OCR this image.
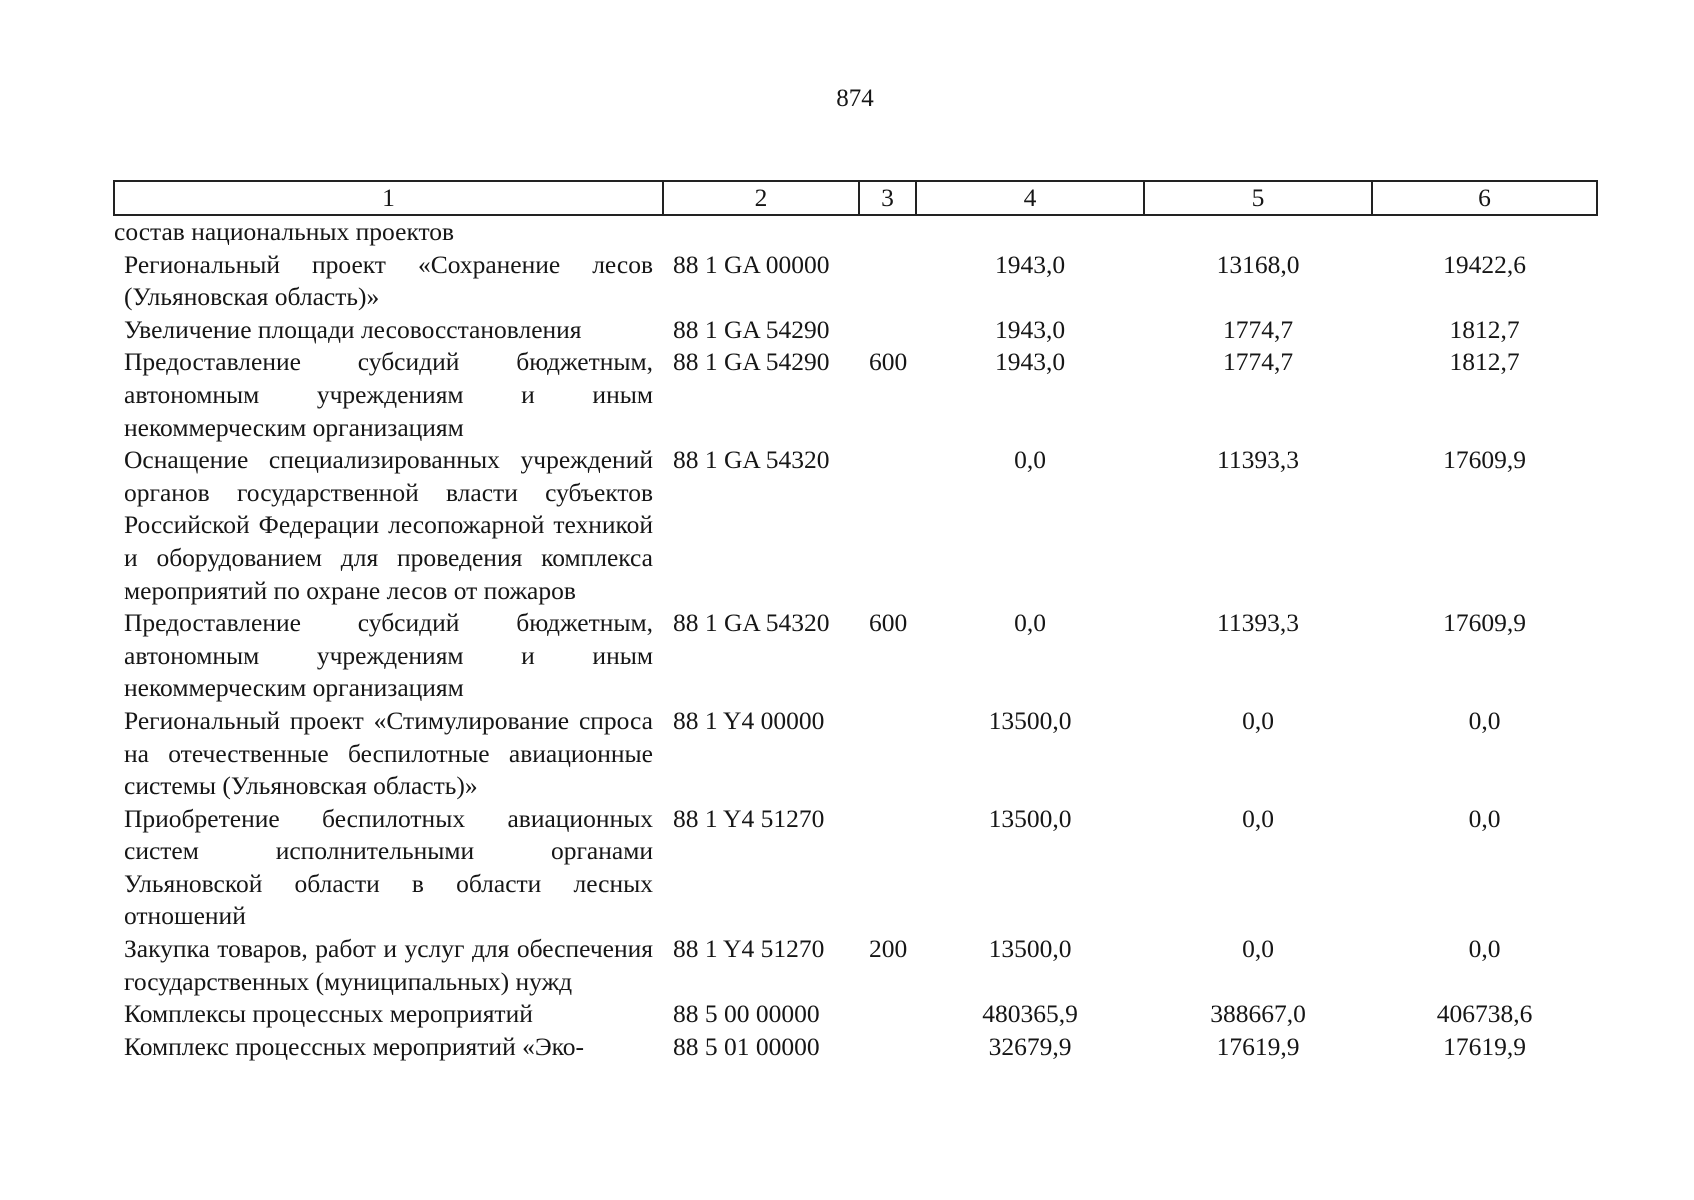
874
1	2	3	4	5	6
состав национальных проектов					
Региональный проект «Сохранение лесов (Ульяновская область)»	88 1 GA 00000		1943,0	13168,0	19422,6
Увеличение площади лесовосстановления	88 1 GA 54290		1943,0	1774,7	1812,7
Предоставление субсидий бюджетным, автономным учреждениям и иным некоммерческим организациям	88 1 GA 54290	600	1943,0	1774,7	1812,7
Оснащение специализированных учреждений органов государственной власти субъектов Российской Федерации лесопожарной техникой и оборудованием для проведения комплекса мероприятий по охране лесов от пожаров	88 1 GA 54320		0,0	11393,3	17609,9
Предоставление субсидий бюджетным, автономным учреждениям и иным некоммерческим организациям	88 1 GA 54320	600	0,0	11393,3	17609,9
Региональный проект «Стимулирование спроса на отечественные беспилотные авиационные системы (Ульяновская область)»	88 1 Y4 00000		13500,0	0,0	0,0
Приобретение беспилотных авиационных систем исполнительными органами Ульяновской области в области лесных отношений	88 1 Y4 51270		13500,0	0,0	0,0
Закупка товаров, работ и услуг для обеспечения государственных (муниципальных) нужд	88 1 Y4 51270	200	13500,0	0,0	0,0
Комплексы процессных мероприятий	88 5 00 00000		480365,9	388667,0	406738,6
Комплекс процессных мероприятий «Эко-	88 5 01 00000		32679,9	17619,9	17619,9
